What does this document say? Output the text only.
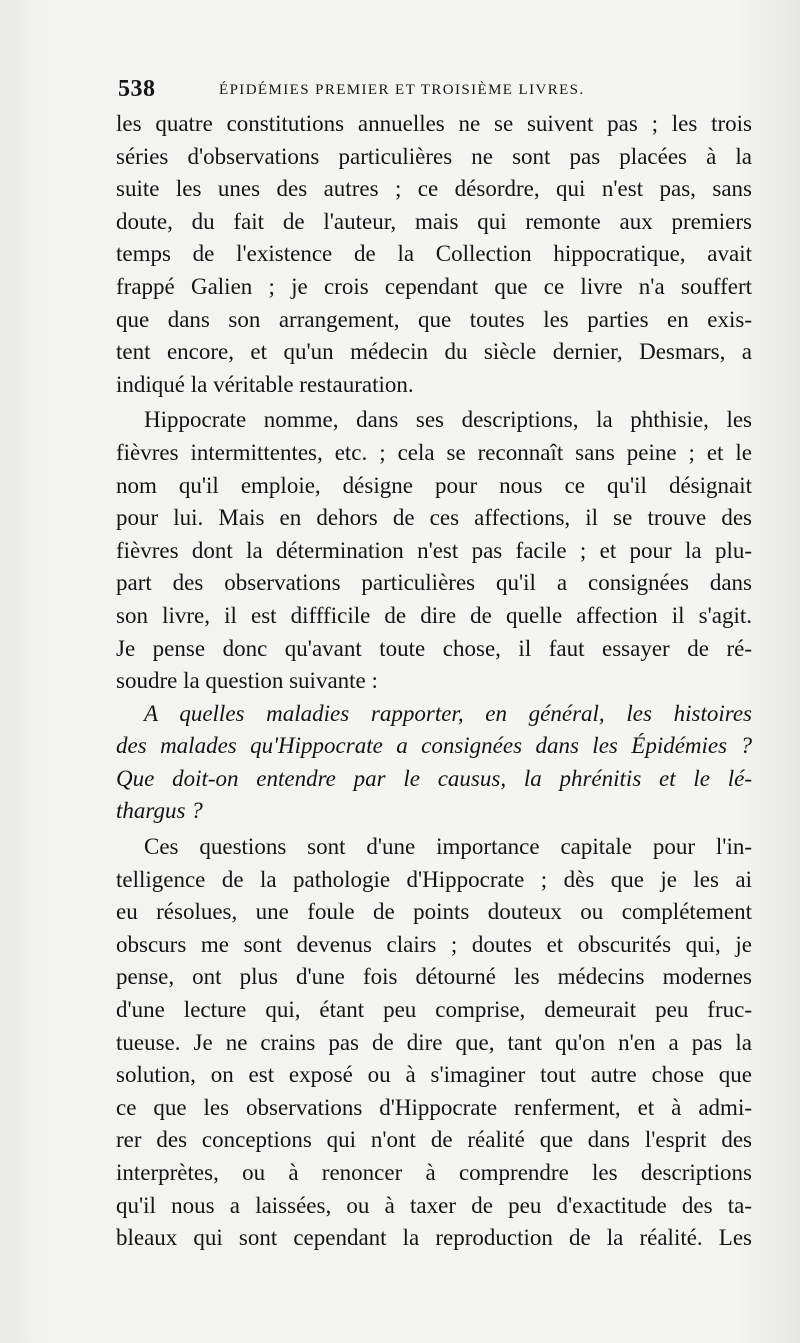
538	ÉPIDÉMIES PREMIER ET TROISIÈME LIVRES.
les quatre constitutions annuelles ne se suivent pas ; les trois
séries d'observations particulières ne sont pas placées à la
suite les unes des autres ; ce désordre, qui n'est pas, sans
doute, du fait de l'auteur, mais qui remonte aux premiers
temps de l'existence de la Collection hippocratique, avait
frappé Galien ; je crois cependant que ce livre n'a souffert
que dans son arrangement, que toutes les parties en exis-
tent encore, et qu'un médecin du siècle dernier, Desmars, a
indiqué la véritable restauration.
Hippocrate nomme, dans ses descriptions, la phthisie, les
fièvres intermittentes, etc. ; cela se reconnaît sans peine ; et le
nom qu'il emploie, désigne pour nous ce qu'il désignait
pour lui. Mais en dehors de ces affections, il se trouve des
fièvres dont la détermination n'est pas facile ; et pour la plu-
part des observations particulières qu'il a consignées dans
son livre, il est diffficile de dire de quelle affection il s'agit.
Je pense donc qu'avant toute chose, il faut essayer de ré-
soudre la question suivante :
A quelles maladies rapporter, en général, les histoires
des malades qu'Hippocrate a consignées dans les Épidémies ?
Que doit-on entendre par le causus, la phrénitis et le lé-
thargus ?
Ces questions sont d'une importance capitale pour l'in-
telligence de la pathologie d'Hippocrate ; dès que je les ai
eu résolues, une foule de points douteux ou complétement
obscurs me sont devenus clairs ; doutes et obscurités qui, je
pense, ont plus d'une fois détourné les médecins modernes
d'une lecture qui, étant peu comprise, demeurait peu fruc-
tueuse. Je ne crains pas de dire que, tant qu'on n'en a pas la
solution, on est exposé ou à s'imaginer tout autre chose que
ce que les observations d'Hippocrate renferment, et à admi-
rer des conceptions qui n'ont de réalité que dans l'esprit des
interprètes, ou à renoncer à comprendre les descriptions
qu'il nous a laissées, ou à taxer de peu d'exactitude des ta-
bleaux qui sont cependant la reproduction de la réalité. Les
